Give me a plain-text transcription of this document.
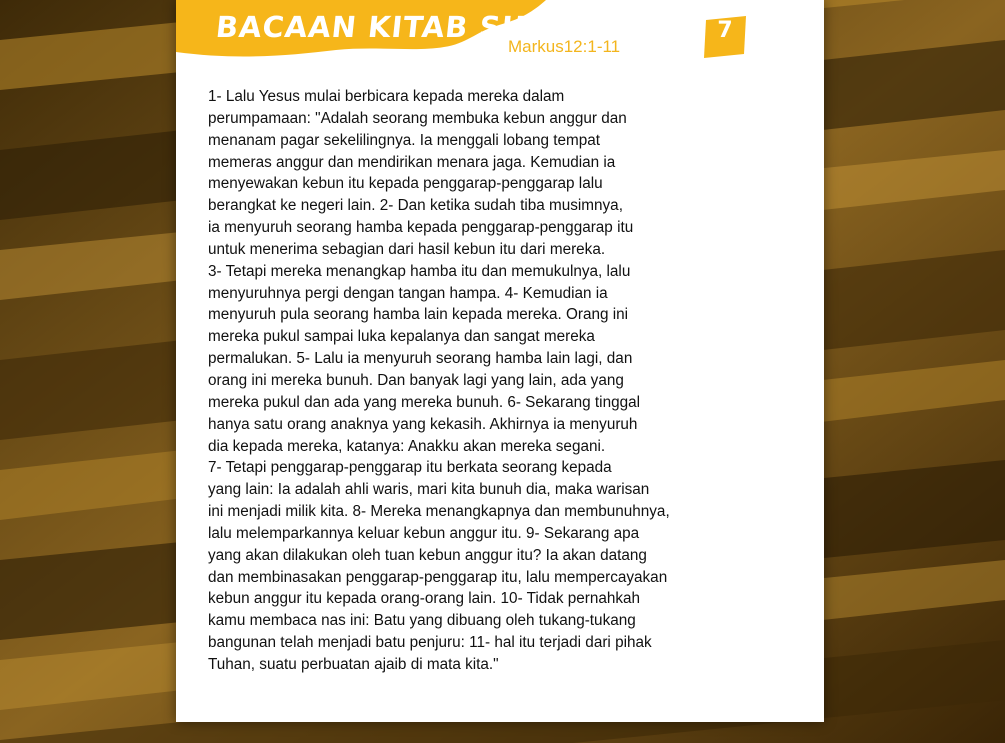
BACAAN KITAB SUCI
Markus12:1-11
7
1- Lalu Yesus mulai berbicara kepada mereka dalam
perumpamaan: "Adalah seorang membuka kebun anggur dan
menanam pagar sekelilingnya. Ia menggali lobang tempat
memeras anggur dan mendirikan menara jaga. Kemudian ia
menyewakan kebun itu kepada penggarap-penggarap lalu
berangkat ke negeri lain. 2- Dan ketika sudah tiba musimnya,
ia menyuruh seorang hamba kepada penggarap-penggarap itu
untuk menerima sebagian dari hasil kebun itu dari mereka.
3- Tetapi mereka menangkap hamba itu dan memukulnya, lalu
menyuruhnya pergi dengan tangan hampa. 4- Kemudian ia
menyuruh pula seorang hamba lain kepada mereka. Orang ini
mereka pukul sampai luka kepalanya dan sangat mereka
permalukan. 5- Lalu ia menyuruh seorang hamba lain lagi, dan
orang ini mereka bunuh. Dan banyak lagi yang lain, ada yang
mereka pukul dan ada yang mereka bunuh. 6- Sekarang tinggal
hanya satu orang anaknya yang kekasih. Akhirnya ia menyuruh
dia kepada mereka, katanya: Anakku akan mereka segani.
7- Tetapi penggarap-penggarap itu berkata seorang kepada
yang lain: Ia adalah ahli waris, mari kita bunuh dia, maka warisan
ini menjadi milik kita. 8- Mereka menangkapnya dan membunuhnya,
lalu melemparkannya keluar kebun anggur itu. 9- Sekarang apa
yang akan dilakukan oleh tuan kebun anggur itu? Ia akan datang
dan membinasakan penggarap-penggarap itu, lalu mempercayakan
kebun anggur itu kepada orang-orang lain. 10- Tidak pernahkah
kamu membaca nas ini: Batu yang dibuang oleh tukang-tukang
bangunan telah menjadi batu penjuru: 11- hal itu terjadi dari pihak
Tuhan, suatu perbuatan ajaib di mata kita."
